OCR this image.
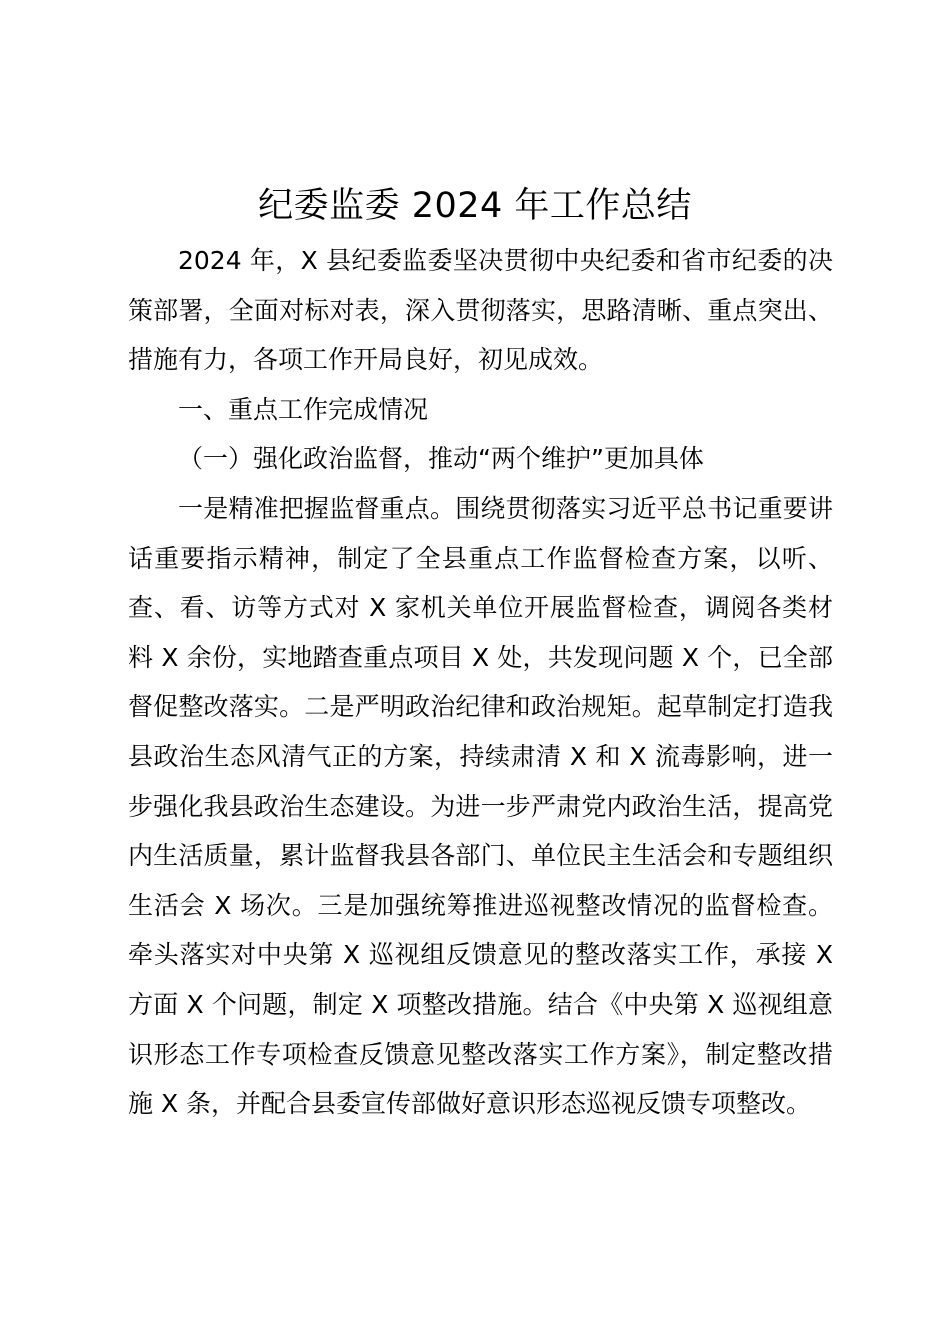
纪委监委 2024 年工作总结

2024 年，X 县纪委监委坚决贯彻中央纪委和省市纪委的决策部署，全面对标对表，深入贯彻落实，思路清晰、重点突出、措施有力，各项工作开局良好，初见成效。

一、重点工作完成情况

（一）强化政治监督，推动“两个维护”更加具体

一是精准把握监督重点。围绕贯彻落实习近平总书记重要讲话重要指示精神，制定了全县重点工作监督检查方案，以听、查、看、访等方式对 X 家机关单位开展监督检查，调阅各类材料 X 余份，实地踏查重点项目 X 处，共发现问题 X 个，已全部督促整改落实。二是严明政治纪律和政治规矩。起草制定打造我县政治生态风清气正的方案，持续肃清 X 和 X 流毒影响，进一步强化我县政治生态建设。为进一步严肃党内政治生活，提高党内生活质量，累计监督我县各部门、单位民主生活会和专题组织生活会 X 场次。三是加强统筹推进巡视整改情况的监督检查。牵头落实对中央第 X 巡视组反馈意见的整改落实工作，承接 X 方面 X 个问题，制定 X 项整改措施。结合《中央第 X 巡视组意识形态工作专项检查反馈意见整改落实工作方案》，制定整改措施 X 条，并配合县委宣传部做好意识形态巡视反馈专项整改。
